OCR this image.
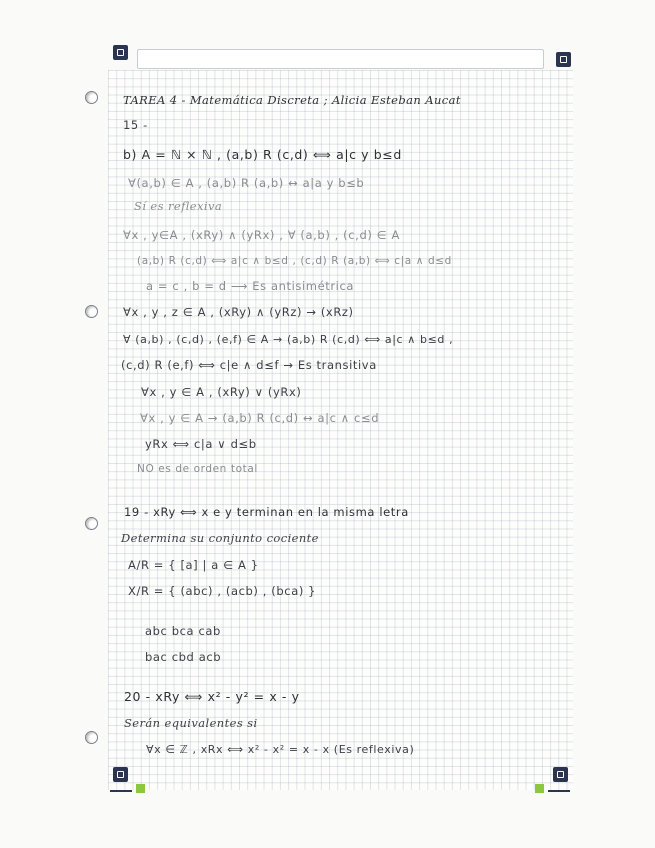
TAREA 4 - Matemática Discreta ; Alicia Esteban Aucat
15 -
b) A = ℕ × ℕ , (a,b) R (c,d) ⟺ a|c y b≤d
∀(a,b) ∈ A , (a,b) R (a,b) ↔ a|a y b≤b
Sí es reflexiva
∀x , y∈A , (xRy) ∧ (yRx) , ∀ (a,b) , (c,d) ∈ A
(a,b) R (c,d) ⟺ a|c ∧ b≤d , (c,d) R (a,b) ⟺ c|a ∧ d≤d
a = c , b = d ⟶ Es antisimétrica
∀x , y , z ∈ A , (xRy) ∧ (yRz) → (xRz)
∀ (a,b) , (c,d) , (e,f) ∈ A → (a,b) R (c,d) ⟺ a|c ∧ b≤d ,
(c,d) R (e,f) ⟺ c|e ∧ d≤f → Es transitiva
∀x , y ∈ A , (xRy) ∨ (yRx)
∀x , y ∈ A → (a,b) R (c,d) ↔ a|c ∧ c≤d
yRx ⟺ c|a ∨ d≤b
NO es de orden total
19 - xRy ⟺ x e y terminan en la misma letra
Determina su conjunto cociente
A/R = { [a] | a ∈ A }
X/R = { (abc) , (acb) , (bca) }
abc bca cab
bac cbd acb
20 - xRy ⟺ x² - y² = x - y
Serán equivalentes si
∀x ∈ ℤ , xRx ⟺ x² - x² = x - x (Es reflexiva)
